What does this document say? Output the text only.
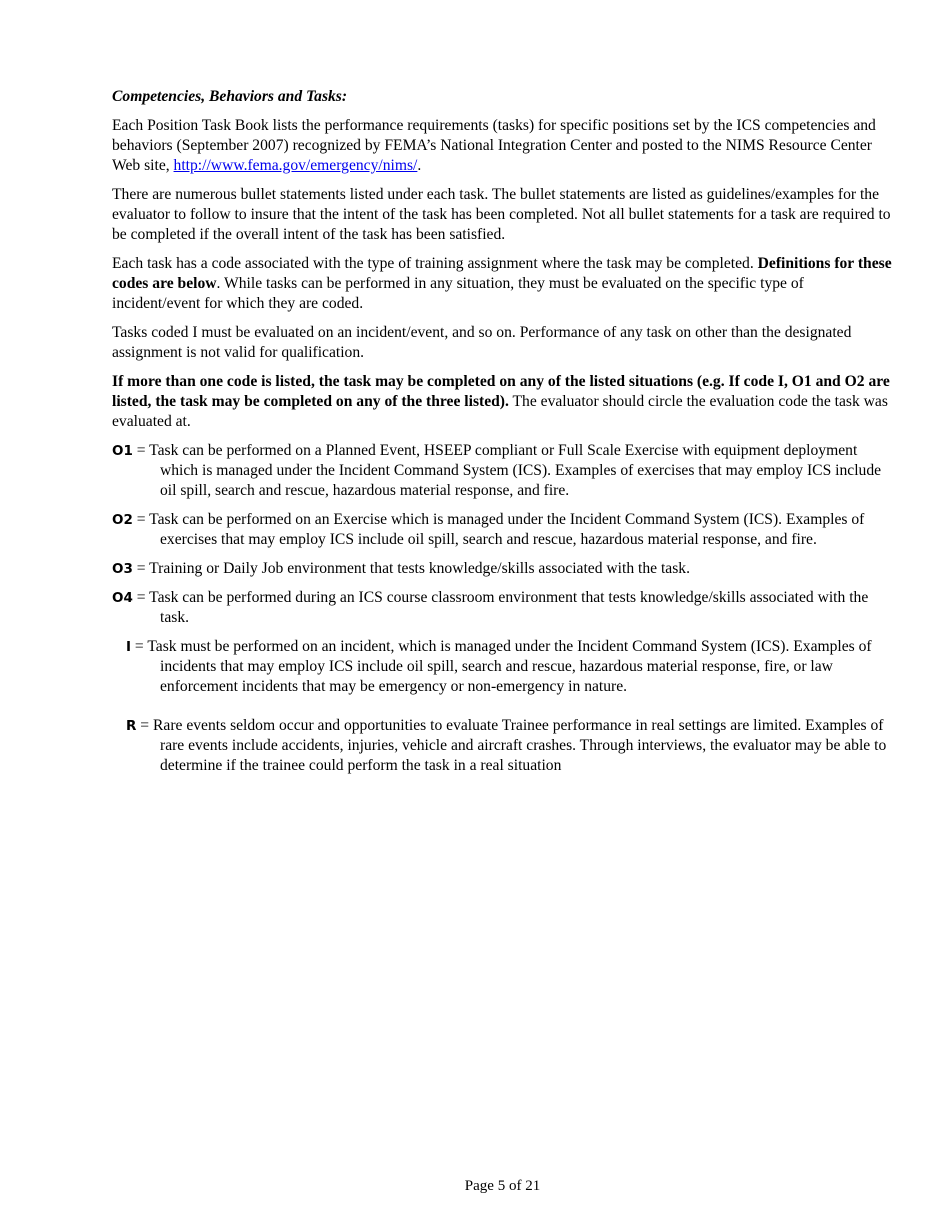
Competencies, Behaviors and Tasks:

Each Position Task Book lists the performance requirements (tasks) for specific positions set by the ICS competencies and behaviors (September 2007) recognized by FEMA’s National Integration Center and posted to the NIMS Resource Center Web site, http://www.fema.gov/emergency/nims/.

There are numerous bullet statements listed under each task. The bullet statements are listed as guidelines/examples for the evaluator to follow to insure that the intent of the task has been completed. Not all bullet statements for a task are required to be completed if the overall intent of the task has been satisfied.

Each task has a code associated with the type of training assignment where the task may be completed. Definitions for these codes are below. While tasks can be performed in any situation, they must be evaluated on the specific type of incident/event for which they are coded.

Tasks coded I must be evaluated on an incident/event, and so on. Performance of any task on other than the designated assignment is not valid for qualification.

If more than one code is listed, the task may be completed on any of the listed situations (e.g. If code I, O1 and O2 are listed, the task may be completed on any of the three listed). The evaluator should circle the evaluation code the task was evaluated at.

O1 = Task can be performed on a Planned Event, HSEEP compliant or Full Scale Exercise with equipment deployment which is managed under the Incident Command System (ICS). Examples of exercises that may employ ICS include oil spill, search and rescue, hazardous material response, and fire.
O2 = Task can be performed on an Exercise which is managed under the Incident Command System (ICS). Examples of exercises that may employ ICS include oil spill, search and rescue, hazardous material response, and fire.
O3 = Training or Daily Job environment that tests knowledge/skills associated with the task.
O4 = Task can be performed during an ICS course classroom environment that tests knowledge/skills associated with the task.
I = Task must be performed on an incident, which is managed under the Incident Command System (ICS). Examples of incidents that may employ ICS include oil spill, search and rescue, hazardous material response, fire, or law enforcement incidents that may be emergency or non-emergency in nature.
R = Rare events seldom occur and opportunities to evaluate Trainee performance in real settings are limited. Examples of rare events include accidents, injuries, vehicle and aircraft crashes. Through interviews, the evaluator may be able to determine if the trainee could perform the task in a real situation
Page 5 of 21
